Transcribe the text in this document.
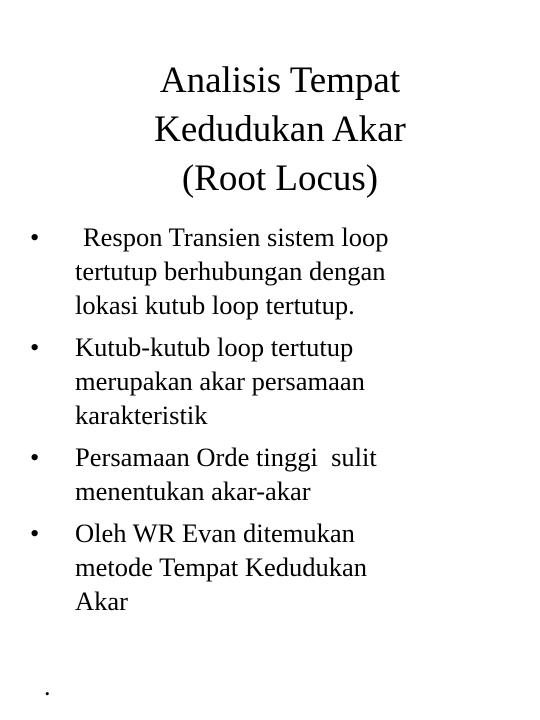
Analisis Tempat
Kedudukan Akar
(Root Locus)
•	Respon Transien sistem loop
tertutup berhubungan dengan
lokasi kutub loop tertutup.
•	Kutub-kutub loop tertutup
merupakan akar persamaan
karakteristik
•	Persamaan Orde tinggi  sulit
menentukan akar-akar
•	Oleh WR Evan ditemukan
metode Tempat Kedudukan
Akar
.
